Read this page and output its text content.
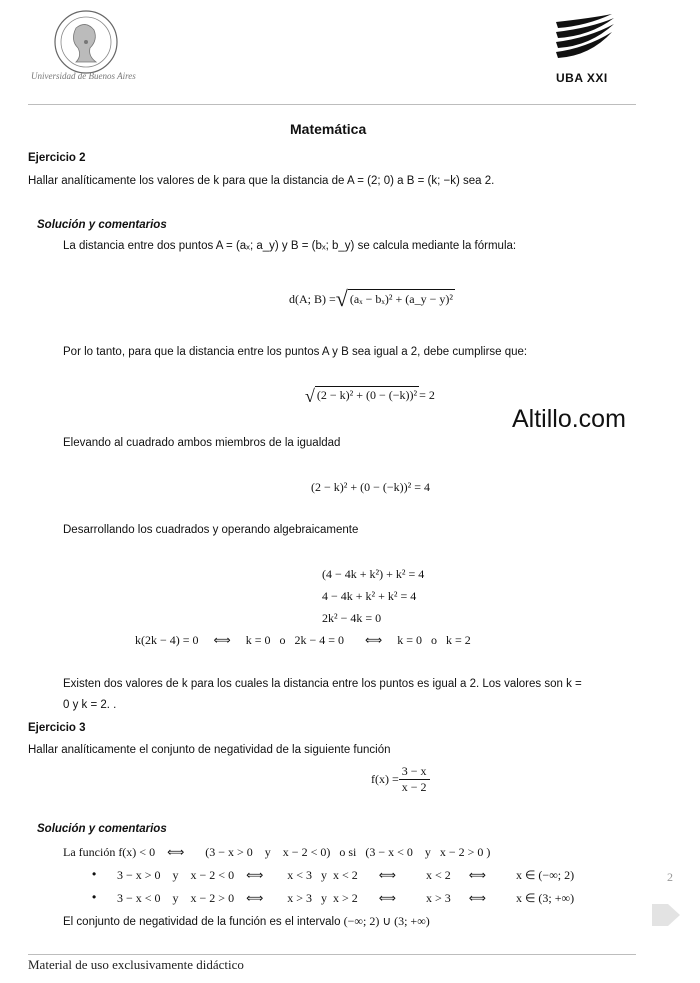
Universidad de Buenos Aires	UBA XXI
Matemática
Ejercicio 2
Hallar analíticamente los valores de k para que la distancia de A = (2; 0) a B = (k; −k) sea 2.
Solución y comentarios
La distancia entre dos puntos A = (aₓ; a_y) y B = (bₓ; b_y) se calcula mediante la fórmula:
d(A; B) = √ (aₓ − bₓ)² + (a_y − y)²
Por lo tanto, para que la distancia entre los puntos A y B sea igual a 2, debe cumplirse que:
√ (2 − k)² + (0 − (−k))² = 2
Altillo.com
Elevando al cuadrado ambos miembros de la igualdad
(2 − k)² + (0 − (−k))² = 4
Desarrollando los cuadrados y operando algebraicamente
(4 − 4k + k²) + k² = 4
4 − 4k + k² + k² = 4
2k² − 4k = 0
k(2k − 4) = 0     ⟺     k = 0   o   2k − 4 = 0       ⟺     k = 0   o   k = 2
Existen dos valores de k para los cuales la distancia entre los puntos es igual a 2. Los valores son k =
0 y k = 2. .
Ejercicio 3
Hallar analíticamente el conjunto de negatividad de la siguiente función
f(x) =
3 − x
x − 2
Solución y comentarios
La función f(x) < 0    ⟺       (3 − x > 0    y    x − 2 < 0)   o si   (3 − x < 0    y   x − 2 > 0 )
• 3 − x > 0    y    x − 2 < 0    ⟺        x < 3   y  x < 2       ⟺          x < 2      ⟺          x ∈ (−∞; 2)
• 3 − x < 0    y    x − 2 > 0    ⟺        x > 3   y  x > 2       ⟺          x > 3      ⟺          x ∈ (3; +∞)
El conjunto de negatividad de la función es el intervalo (−∞; 2) ∪ (3; +∞)
2
Material de uso exclusivamente didáctico
